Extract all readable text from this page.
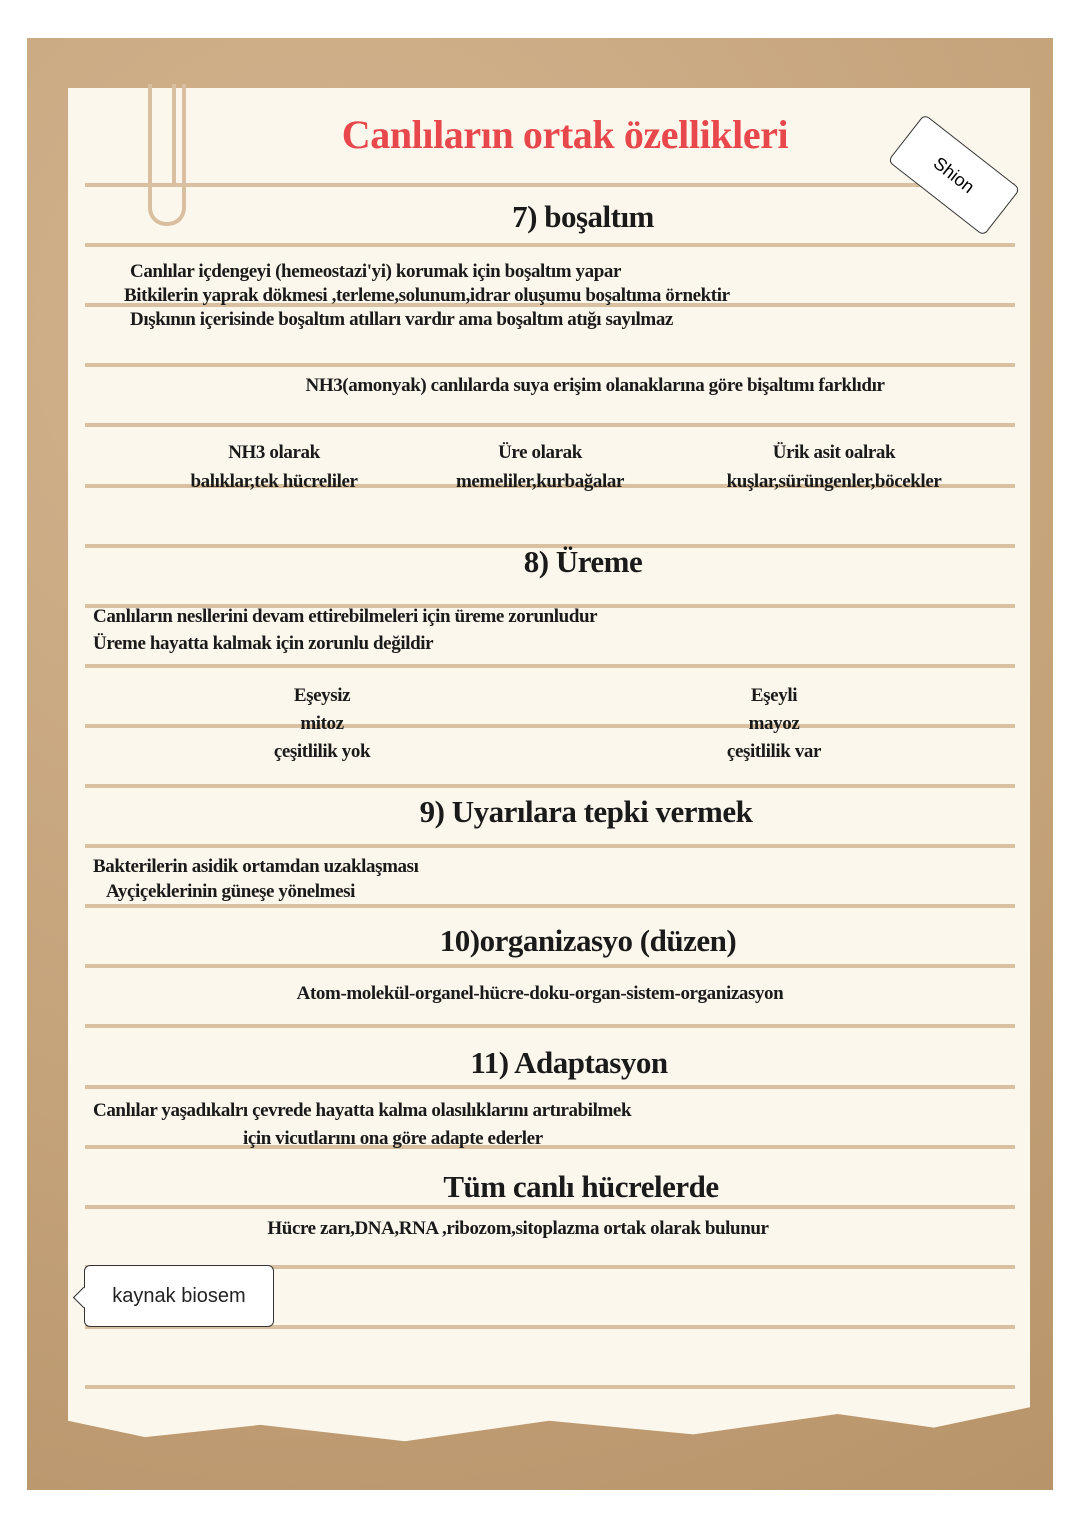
Canlıların ortak özellikleri
Shion
7) boşaltım
Canlılar içdengeyi (hemeostazi'yi) korumak için boşaltım yapar
Bitkilerin yaprak dökmesi ,terleme,solunum,idrar oluşumu boşaltıma örnektir
Dışkının içerisinde boşaltım atılları vardır ama boşaltım atığı sayılmaz
NH3(amonyak) canlılarda suya erişim olanaklarına göre bişaltımı farklıdır
NH3 olarak
balıklar,tek hücreliler
Üre olarak
memeliler,kurbağalar
Ürik asit oalrak
kuşlar,sürüngenler,böcekler
8) Üreme
Canlıların nesllerini devam ettirebilmeleri için üreme zorunludur
Üreme hayatta kalmak için zorunlu değildir
Eşeysiz
mitoz
çeşitlilik yok
Eşeyli
mayoz
çeşitlilik var
9) Uyarılara tepki vermek
Bakterilerin asidik ortamdan uzaklaşması
Ayçiçeklerinin güneşe yönelmesi
10)organizasyo (düzen)
Atom-molekül-organel-hücre-doku-organ-sistem-organizasyon
11) Adaptasyon
Canlılar yaşadıkalrı çevrede hayatta kalma olasılıklarını artırabilmek
için vicutlarını ona göre adapte ederler
Tüm canlı hücrelerde
Hücre zarı,DNA,RNA ,ribozom,sitoplazma ortak olarak bulunur
kaynak biosem
